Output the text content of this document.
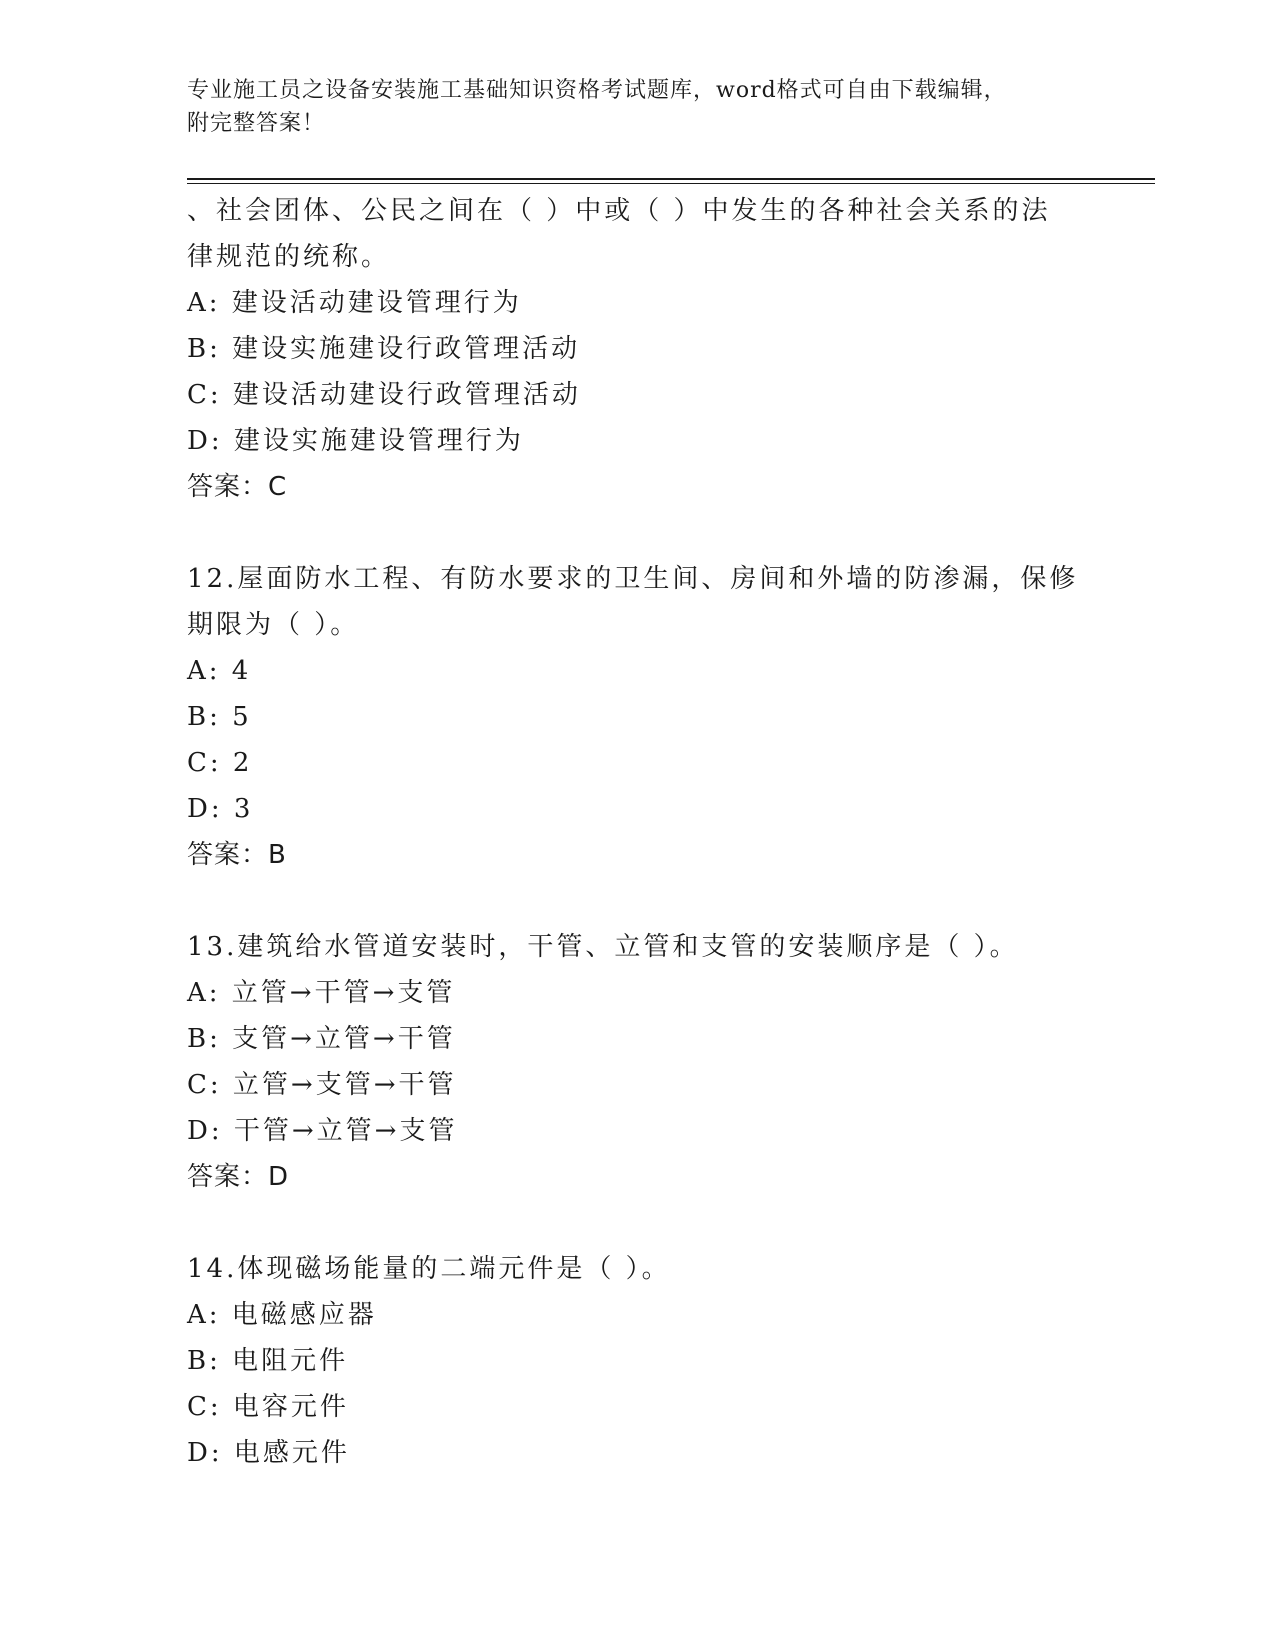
专业施工员之设备安装施工基础知识资格考试题库，word格式可自由下载编辑，
附完整答案！
、社会团体、公民之间在（ ）中或（ ）中发生的各种社会关系的法
律规范的统称。
A: 建设活动建设管理行为
B: 建设实施建设行政管理活动
C: 建设活动建设行政管理活动
D: 建设实施建设管理行为
答案：C
12.屋面防水工程、有防水要求的卫生间、房间和外墙的防渗漏，保修
期限为（ ）。
A: 4
B: 5
C: 2
D: 3
答案：B
13.建筑给水管道安装时，干管、立管和支管的安装顺序是（ ）。
A: 立管→干管→支管
B: 支管→立管→干管
C: 立管→支管→干管
D: 干管→立管→支管
答案：D
14.体现磁场能量的二端元件是（ ）。
A: 电磁感应器
B: 电阻元件
C: 电容元件
D: 电感元件
